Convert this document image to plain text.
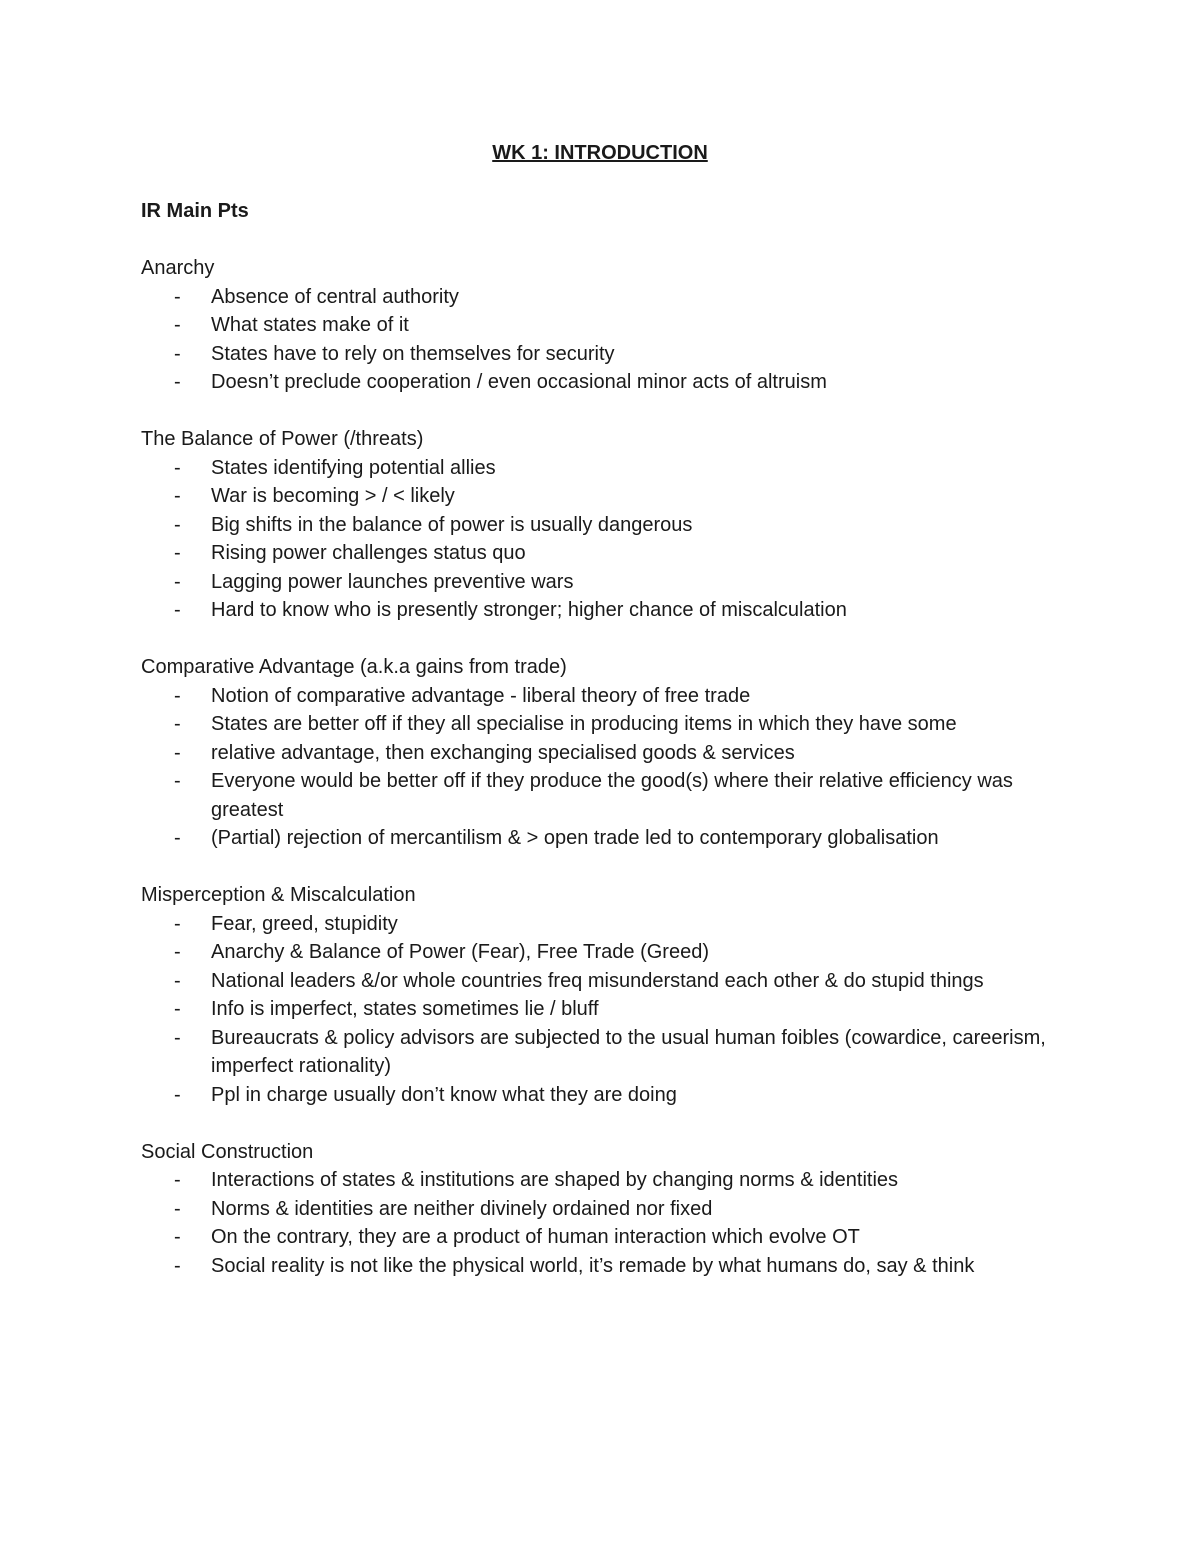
WK 1: INTRODUCTION

IR Main Pts

Anarchy

- Absence of central authority
- What states make of it
- States have to rely on themselves for security
- Doesn’t preclude cooperation / even occasional minor acts of altruism

The Balance of Power (/threats)

- States identifying potential allies
- War is becoming > / < likely
- Big shifts in the balance of power is usually dangerous
- Rising power challenges status quo
- Lagging power launches preventive wars
- Hard to know who is presently stronger; higher chance of miscalculation

Comparative Advantage (a.k.a gains from trade)

- Notion of comparative advantage - liberal theory of free trade
- States are better off if they all specialise in producing items in which they have some
- relative advantage, then exchanging specialised goods & services
- Everyone would be better off if they produce the good(s) where their relative efficiency was greatest
- (Partial) rejection of mercantilism & > open trade led to contemporary globalisation

Misperception & Miscalculation

- Fear, greed, stupidity
- Anarchy & Balance of Power (Fear), Free Trade (Greed)
- National leaders &/or whole countries freq misunderstand each other & do stupid things
- Info is imperfect, states sometimes lie / bluff
- Bureaucrats & policy advisors are subjected to the usual human foibles (cowardice, careerism, imperfect rationality)
- Ppl in charge usually don’t know what they are doing

Social Construction

- Interactions of states & institutions are shaped by changing norms & identities
- Norms & identities are neither divinely ordained nor fixed
- On the contrary, they are a product of human interaction which evolve OT
- Social reality is not like the physical world, it’s remade by what humans do, say & think
